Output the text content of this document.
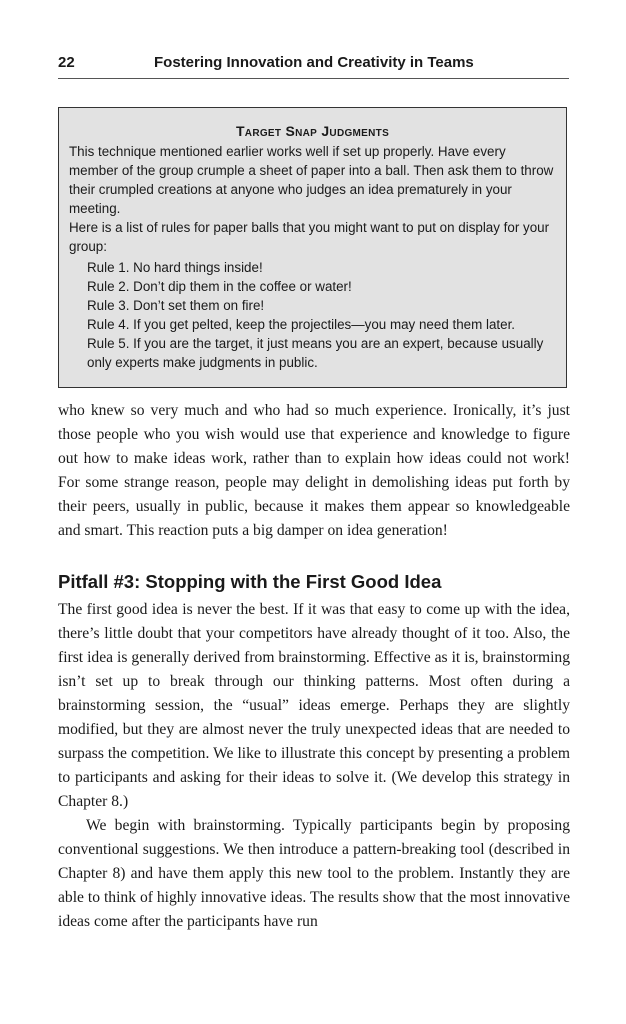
22	Fostering Innovation and Creativity in Teams
Target Snap Judgments

This technique mentioned earlier works well if set up properly. Have every member of the group crumple a sheet of paper into a ball. Then ask them to throw their crumpled creations at anyone who judges an idea prematurely in your meeting.

Here is a list of rules for paper balls that you might want to put on display for your group:

Rule 1. No hard things inside!
Rule 2. Don’t dip them in the coffee or water!
Rule 3. Don’t set them on fire!
Rule 4. If you get pelted, keep the projectiles—you may need them later.
Rule 5. If you are the target, it just means you are an expert, because usually only experts make judgments in public.

who knew so very much and who had so much experience. Ironically, it’s just those people who you wish would use that experience and knowledge to figure out how to make ideas work, rather than to explain how ideas could not work! For some strange reason, people may delight in demolishing ideas put forth by their peers, usually in public, because it makes them appear so knowledgeable and smart. This reaction puts a big damper on idea generation!

Pitfall #3: Stopping with the First Good Idea

The first good idea is never the best. If it was that easy to come up with the idea, there’s little doubt that your competitors have already thought of it too. Also, the first idea is generally derived from brainstorming. Effective as it is, brainstorming isn’t set up to break through our thinking patterns. Most often during a brainstorming session, the “usual” ideas emerge. Perhaps they are slightly modified, but they are almost never the truly unexpected ideas that are needed to surpass the competition. We like to illustrate this concept by presenting a problem to participants and asking for their ideas to solve it. (We develop this strategy in Chapter 8.)

We begin with brainstorming. Typically participants begin by proposing conventional suggestions. We then introduce a pattern-breaking tool (described in Chapter 8) and have them apply this new tool to the problem. Instantly they are able to think of highly innovative ideas. The results show that the most innovative ideas come after the participants have run
